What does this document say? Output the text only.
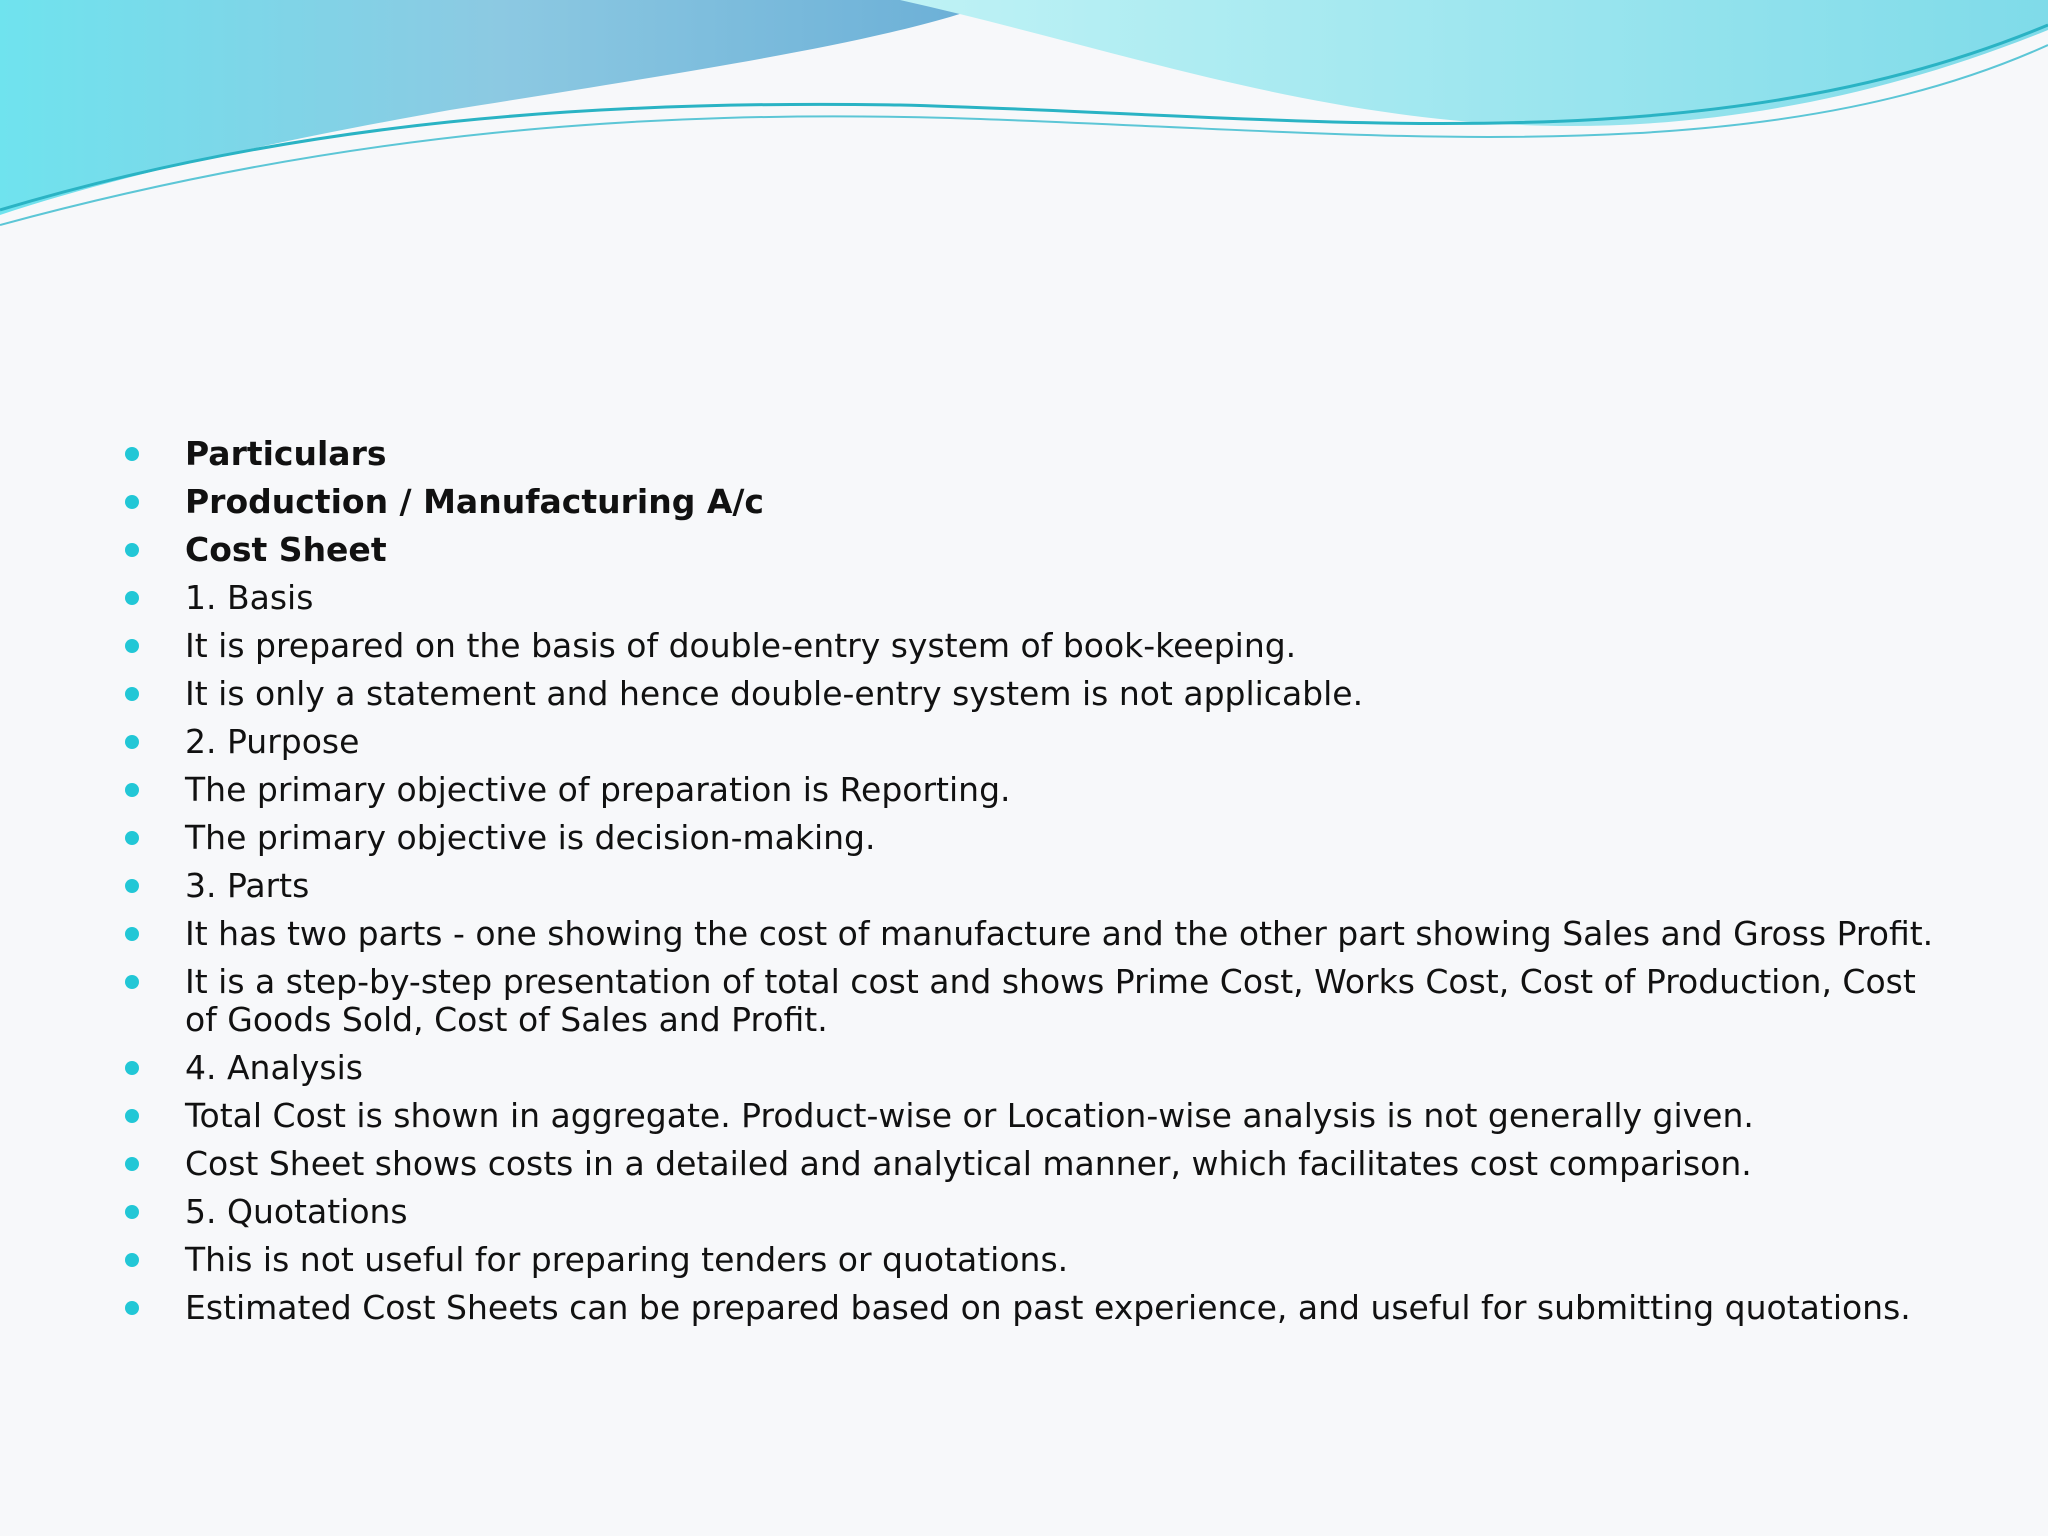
Particulars
Production / Manufacturing A/c
Cost Sheet
1. Basis
It is prepared on the basis of double-entry system of book-keeping.
It is only a statement and hence double-entry system is not applicable.
2. Purpose
The primary objective of preparation is Reporting.
The primary objective is decision-making.
3. Parts
It has two parts - one showing the cost of manufacture and the other part showing Sales and Gross Profit.
It is a step-by-step presentation of total cost and shows Prime Cost, Works Cost, Cost of Production, Cost of Goods Sold, Cost of Sales and Profit.
4. Analysis
Total Cost is shown in aggregate. Product-wise or Location-wise analysis is not generally given.
Cost Sheet shows costs in a detailed and analytical manner, which facilitates cost comparison.
5. Quotations
This is not useful for preparing tenders or quotations.
Estimated Cost Sheets can be prepared based on past experience, and useful for submitting quotations.
